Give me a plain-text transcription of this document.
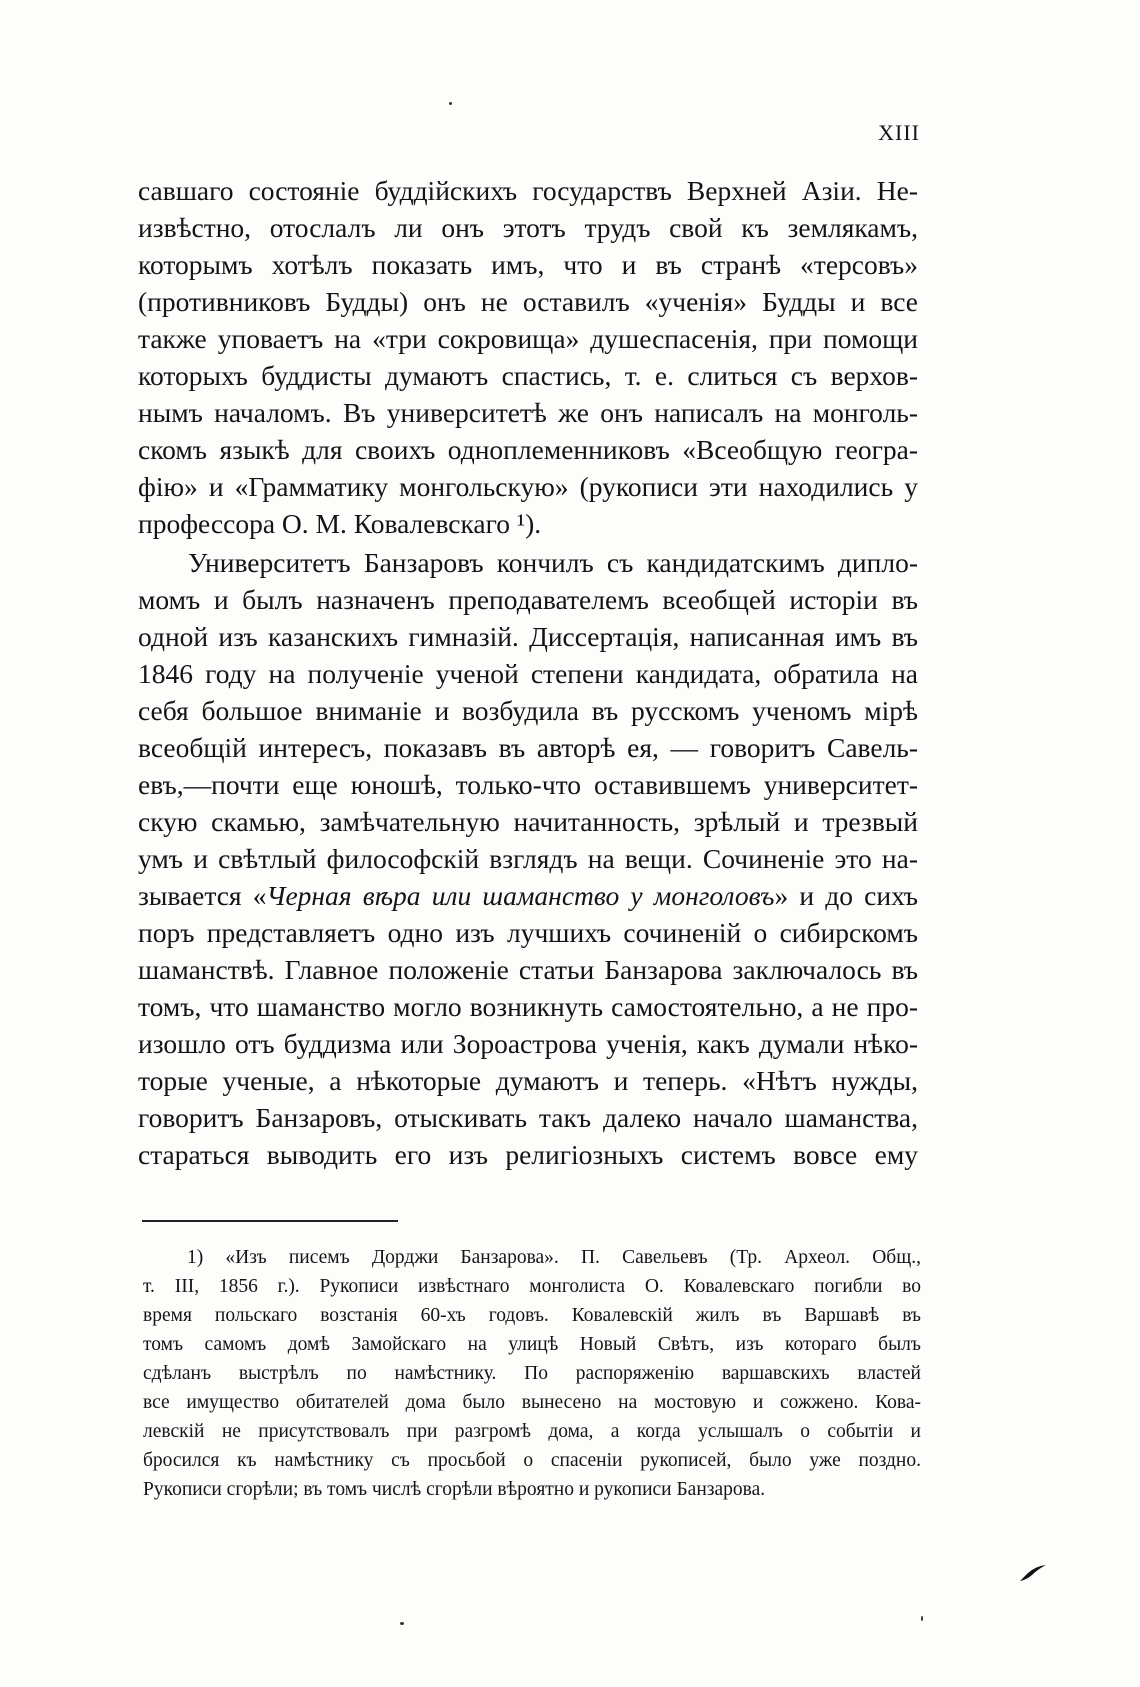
XIII
савшаго состоянiе буддiйскихъ государствъ Верхней Азiи. Не-
извѣстно, отослалъ ли онъ этотъ трудъ свой къ землякамъ,
которымъ хотѣлъ показать имъ, что и въ странѣ «терсовъ»
(противниковъ Будды) онъ не оставилъ «ученiя» Будды и все
также уповаетъ на «три сокровища» душеспасенiя, при помощи
которыхъ буддисты думаютъ спастись, т. е. слиться съ верхов-
нымъ началомъ. Въ университетѣ же онъ написалъ на монголь-
скомъ языкѣ для своихъ одноплеменниковъ «Всеобщую геогра-
фiю» и «Грамматику монгольскую» (рукописи эти находились у
профессора О. М. Ковалевскаго ¹).
Университетъ Банзаровъ кончилъ съ кандидатскимъ дипло-
момъ и былъ назначенъ преподавателемъ всеобщей исторiи въ
одной изъ казанскихъ гимназiй. Диссертацiя, написанная имъ въ
1846 году на полученiе ученой степени кандидата, обратила на
себя большое вниманiе и возбудила въ русскомъ ученомъ мiрѣ
всеобщiй интересъ, показавъ въ авторѣ ея, — говоритъ Савель-
евъ,—почти еще юношѣ, только-что оставившемъ университет-
скую скамью, замѣчательную начитанность, зрѣлый и трезвый
умъ и свѣтлый философскiй взглядъ на вещи. Сочиненiе это на-
зывается «Черная вѣра или шаманство у монголовъ» и до сихъ
поръ представляетъ одно изъ лучшихъ сочиненiй о сибирскомъ
шаманствѣ. Главное положенiе статьи Банзарова заключалось въ
томъ, что шаманство могло возникнуть самостоятельно, а не про-
изошло отъ буддизма или Зороастрова ученiя, какъ думали нѣко-
торые ученые, а нѣкоторые думаютъ и теперь. «Нѣтъ нужды,
говоритъ Банзаровъ, отыскивать такъ далеко начало шаманства,
стараться выводить его изъ религiозныхъ системъ вовсе ему
1) «Изъ писемъ Дорджи Банзарова». П. Савельевъ (Тр. Археол. Общ.,
т. III, 1856 г.). Рукописи извѣстнаго монголиста О. Ковалевскаго погибли во
время польскаго возстанiя 60-хъ годовъ. Ковалевскiй жилъ въ Варшавѣ въ
томъ самомъ домѣ Замойскаго на улицѣ Новый Свѣтъ, изъ котораго былъ
сдѣланъ выстрѣлъ по намѣстнику. По распоряженiю варшавскихъ властей
все имущество обитателей дома было вынесено на мостовую и сожжено. Кова-
левскiй не присутствовалъ при разгромѣ дома, а когда услышалъ о событiи и
бросился къ намѣстнику съ просьбой о спасенiи рукописей, было уже поздно.
Рукописи сгорѣли; въ томъ числѣ сгорѣли вѣроятно и рукописи Банзарова.
